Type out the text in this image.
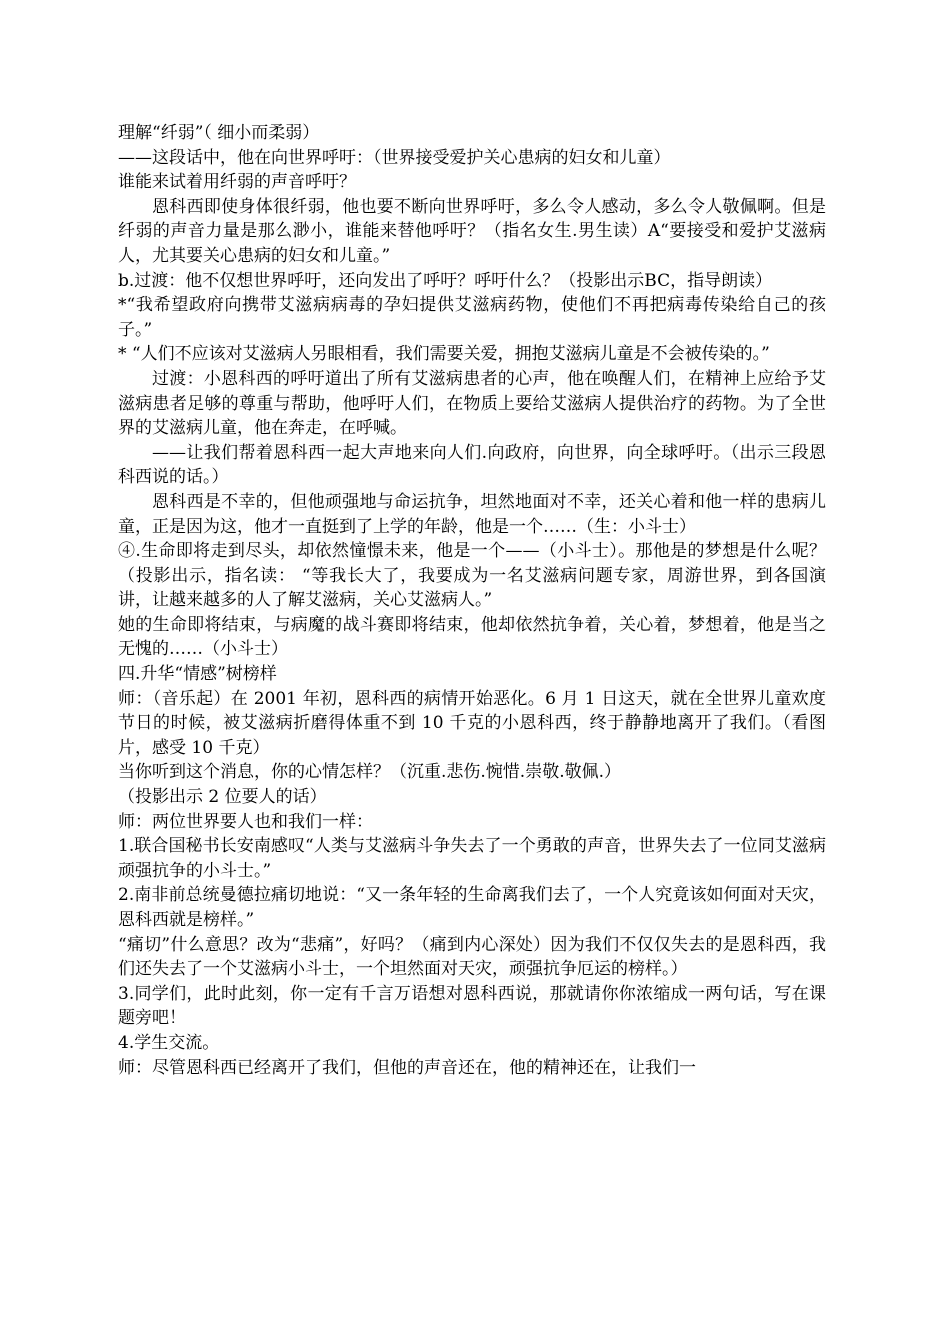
理解“纤弱”（ 细小而柔弱）

——这段话中，他在向世界呼吁：（世界接受爱护关心患病的妇女和儿童）

谁能来试着用纤弱的声音呼吁？

恩科西即使身体很纤弱，他也要不断向世界呼吁，多么令人感动，多么令人敬佩啊。但是纤弱的声音力量是那么渺小，谁能来替他呼吁？（指名女生.男生读）A“要接受和爱护艾滋病人，尤其要关心患病的妇女和儿童。”

b.过渡：他不仅想世界呼吁，还向发出了呼吁？呼吁什么？（投影出示BC，指导朗读）

*“我希望政府向携带艾滋病病毒的孕妇提供艾滋病药物，使他们不再把病毒传染给自己的孩子。”

* “人们不应该对艾滋病人另眼相看，我们需要关爱，拥抱艾滋病儿童是不会被传染的。”

过渡：小恩科西的呼吁道出了所有艾滋病患者的心声，他在唤醒人们，在精神上应给予艾滋病患者足够的尊重与帮助，他呼吁人们，在物质上要给艾滋病人提供治疗的药物。为了全世界的艾滋病儿童，他在奔走，在呼喊。

——让我们帮着恩科西一起大声地来向人们.向政府，向世界，向全球呼吁。（出示三段恩科西说的话。）

恩科西是不幸的，但他顽强地与命运抗争，坦然地面对不幸，还关心着和他一样的患病儿童，正是因为这，他才一直挺到了上学的年龄，他是一个……（生：小斗士）

④.生命即将走到尽头，却依然憧憬未来，他是一个——（小斗士）。那他是的梦想是什么呢？（投影出示，指名读： “等我长大了，我要成为一名艾滋病问题专家，周游世界，到各国演讲，让越来越多的人了解艾滋病，关心艾滋病人。”

她的生命即将结束，与病魔的战斗赛即将结束，他却依然抗争着，关心着，梦想着，他是当之无愧的……（小斗士）

四.升华“情感”树榜样

师：（音乐起）在 2001 年初，恩科西的病情开始恶化。6 月 1 日这天，就在全世界儿童欢度节日的时候，被艾滋病折磨得体重不到 10 千克的小恩科西，终于静静地离开了我们。（看图片，感受 10 千克）

当你听到这个消息，你的心情怎样？（沉重.悲伤.惋惜.崇敬.敬佩.）

（投影出示 2 位要人的话）

师：两位世界要人也和我们一样：

1.联合国秘书长安南感叹“人类与艾滋病斗争失去了一个勇敢的声音，世界失去了一位同艾滋病顽强抗争的小斗士。”

2.南非前总统曼德拉痛切地说：“又一条年轻的生命离我们去了，一个人究竟该如何面对天灾，恩科西就是榜样。”

“痛切”什么意思？改为“悲痛”，好吗？（痛到内心深处）因为我们不仅仅失去的是恩科西，我们还失去了一个艾滋病小斗士，一个坦然面对天灾，顽强抗争厄运的榜样。）

3.同学们，此时此刻，你一定有千言万语想对恩科西说，那就请你你浓缩成一两句话，写在课题旁吧！

4.学生交流。

师：尽管恩科西已经离开了我们，但他的声音还在，他的精神还在，让我们一
